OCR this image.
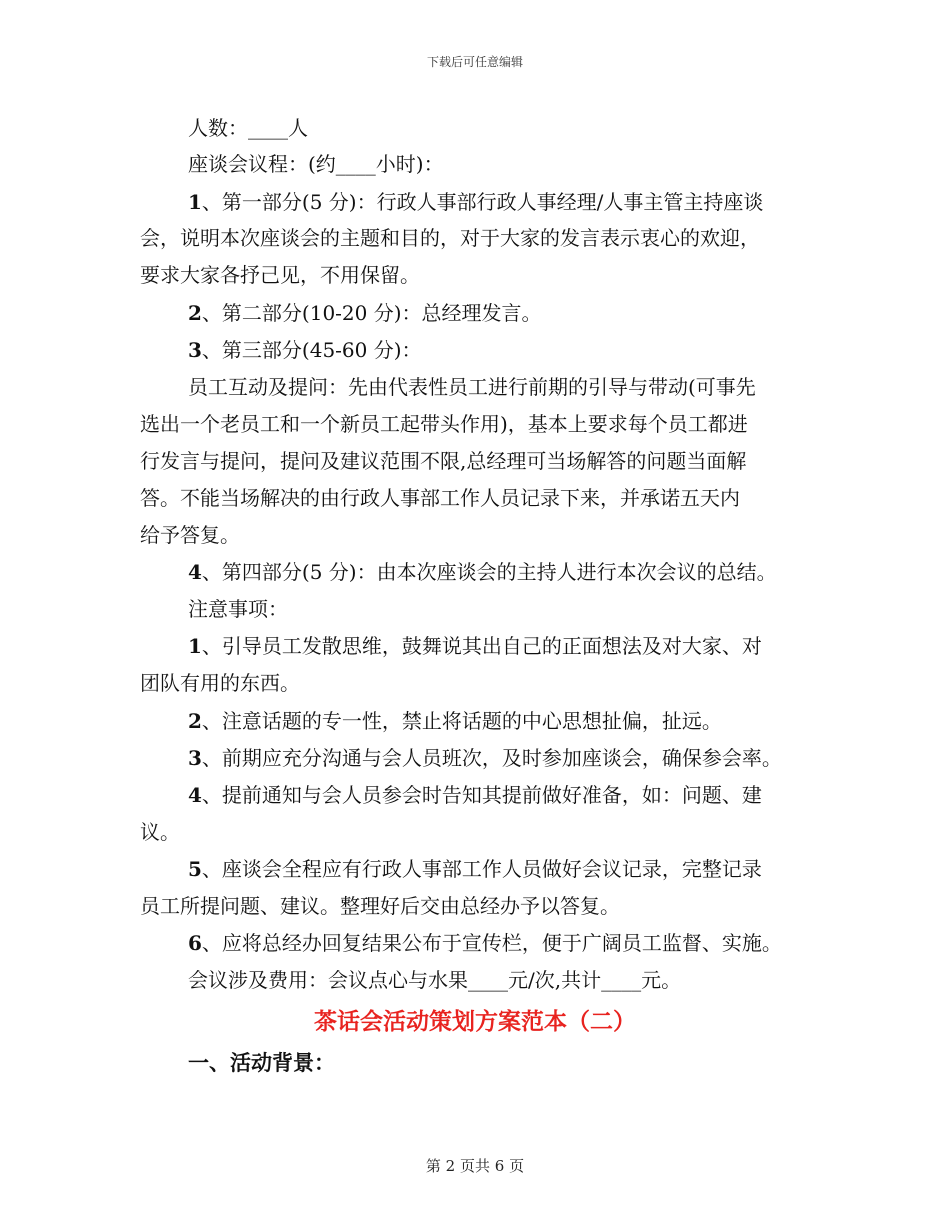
下载后可任意编辑
人数：____人
座谈会议程：(约____小时)：
1、第一部分(5 分)：行政人事部行政人事经理/人事主管主持座谈
会，说明本次座谈会的主题和目的，对于大家的发言表示衷心的欢迎，
要求大家各抒己见，不用保留。
2、第二部分(10-20 分)：总经理发言。
3、第三部分(45-60 分)：
员工互动及提问：先由代表性员工进行前期的引导与带动(可事先
选出一个老员工和一个新员工起带头作用)，基本上要求每个员工都进
行发言与提问，提问及建议范围不限,总经理可当场解答的问题当面解
答。不能当场解决的由行政人事部工作人员记录下来，并承诺五天内
给予答复。
4、第四部分(5 分)：由本次座谈会的主持人进行本次会议的总结。
注意事项：
1、引导员工发散思维，鼓舞说其出自己的正面想法及对大家、对
团队有用的东西。
2、注意话题的专一性，禁止将话题的中心思想扯偏，扯远。
3、前期应充分沟通与会人员班次，及时参加座谈会，确保参会率。
4、提前通知与会人员参会时告知其提前做好准备，如：问题、建
议。
5、座谈会全程应有行政人事部工作人员做好会议记录，完整记录
员工所提问题、建议。整理好后交由总经办予以答复。
6、应将总经办回复结果公布于宣传栏，便于广阔员工监督、实施。
会议涉及费用：会议点心与水果____元/次,共计____元。
茶话会活动策划方案范本（二）
一、活动背景：
第 2 页共 6 页
